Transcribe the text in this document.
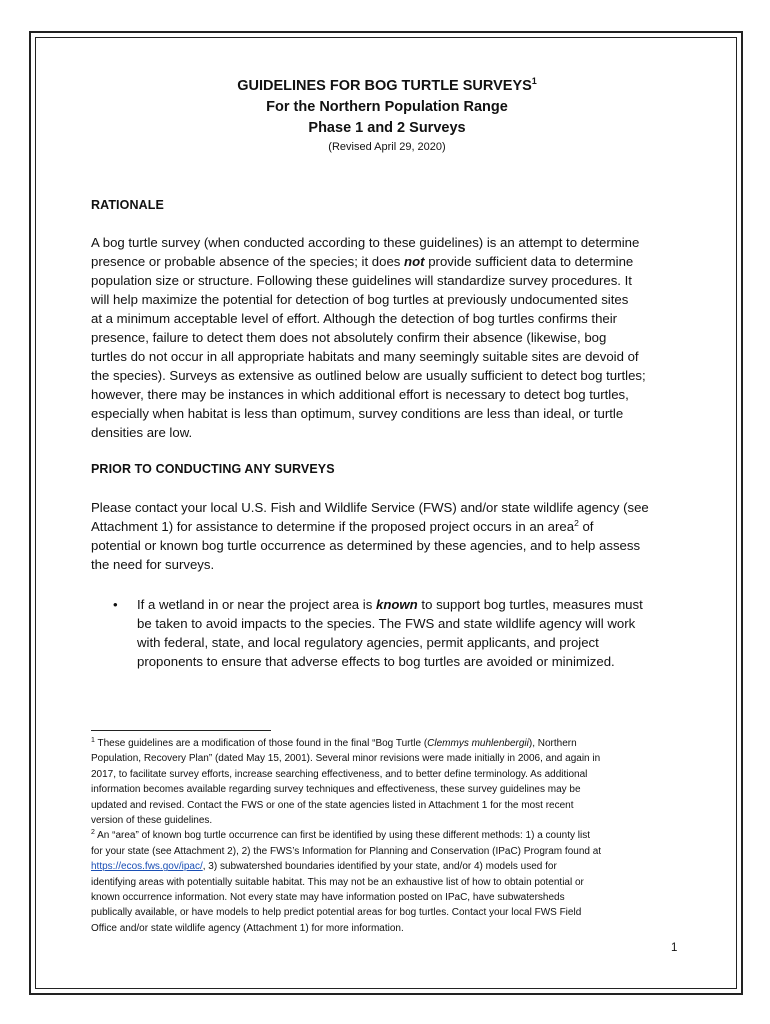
GUIDELINES FOR BOG TURTLE SURVEYS$^1$
For the Northern Population Range
Phase 1 and 2 Surveys
(Revised April 29, 2020)
RATIONALE
A bog turtle survey (when conducted according to these guidelines) is an attempt to determine
presence or probable absence of the species; it does not provide sufficient data to determine
population size or structure. Following these guidelines will standardize survey procedures. It
will help maximize the potential for detection of bog turtles at previously undocumented sites
at a minimum acceptable level of effort. Although the detection of bog turtles confirms their
presence, failure to detect them does not absolutely confirm their absence (likewise, bog
turtles do not occur in all appropriate habitats and many seemingly suitable sites are devoid of
the species). Surveys as extensive as outlined below are usually sufficient to detect bog turtles;
however, there may be instances in which additional effort is necessary to detect bog turtles,
especially when habitat is less than optimum, survey conditions are less than ideal, or turtle
densities are low.
PRIOR TO CONDUCTING ANY SURVEYS
Please contact your local U.S. Fish and Wildlife Service (FWS) and/or state wildlife agency (see
Attachment 1) for assistance to determine if the proposed project occurs in an area$^2$ of
potential or known bog turtle occurrence as determined by these agencies, and to help assess
the need for surveys.
• If a wetland in or near the project area is known to support bog turtles, measures must
be taken to avoid impacts to the species. The FWS and state wildlife agency will work
with federal, state, and local regulatory agencies, permit applicants, and project
proponents to ensure that adverse effects to bog turtles are avoided or minimized.
$^1$ These guidelines are a modification of those found in the final “Bog Turtle (Clemmys muhlenbergii), Northern
Population, Recovery Plan” (dated May 15, 2001). Several minor revisions were made initially in 2006, and again in
2017, to facilitate survey efforts, increase searching effectiveness, and to better define terminology. As additional
information becomes available regarding survey techniques and effectiveness, these survey guidelines may be
updated and revised. Contact the FWS or one of the state agencies listed in Attachment 1 for the most recent
version of these guidelines.
$^2$ An “area” of known bog turtle occurrence can first be identified by using these different methods: 1) a county list
for your state (see Attachment 2), 2) the FWS’s Information for Planning and Conservation (IPaC) Program found at
https://ecos.fws.gov/ipac/, 3) subwatershed boundaries identified by your state, and/or 4) models used for
identifying areas with potentially suitable habitat. This may not be an exhaustive list of how to obtain potential or
known occurrence information. Not every state may have information posted on IPaC, have subwatersheds
publically available, or have models to help predict potential areas for bog turtles. Contact your local FWS Field
Office and/or state wildlife agency (Attachment 1) for more information.
1
